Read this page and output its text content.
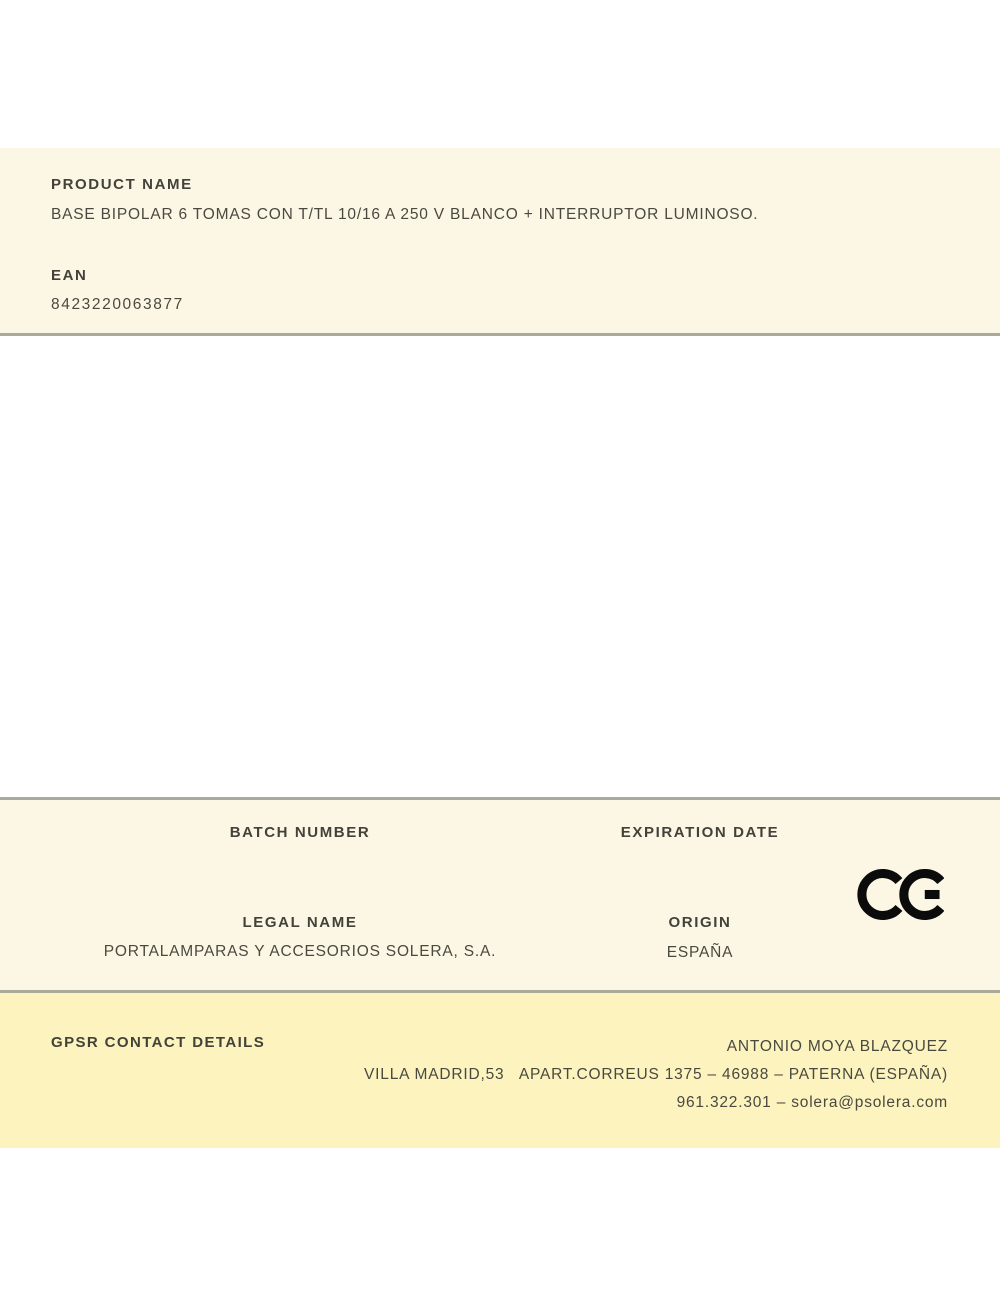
PRODUCT NAME
BASE BIPOLAR 6 TOMAS CON T/TL 10/16 A 250 V BLANCO + INTERRUPTOR LUMINOSO.
EAN
8423220063877
BATCH NUMBER	EXPIRATION DATE
LEGAL NAME
PORTALAMPARAS Y ACCESORIOS SOLERA, S.A.
ORIGIN
ESPAÑA
GPSR CONTACT DETAILS	ANTONIO MOYA BLAZQUEZ
VILLA MADRID,53   APART.CORREUS 1375 – 46988 – PATERNA (ESPAÑA)
961.322.301 – solera@psolera.com
